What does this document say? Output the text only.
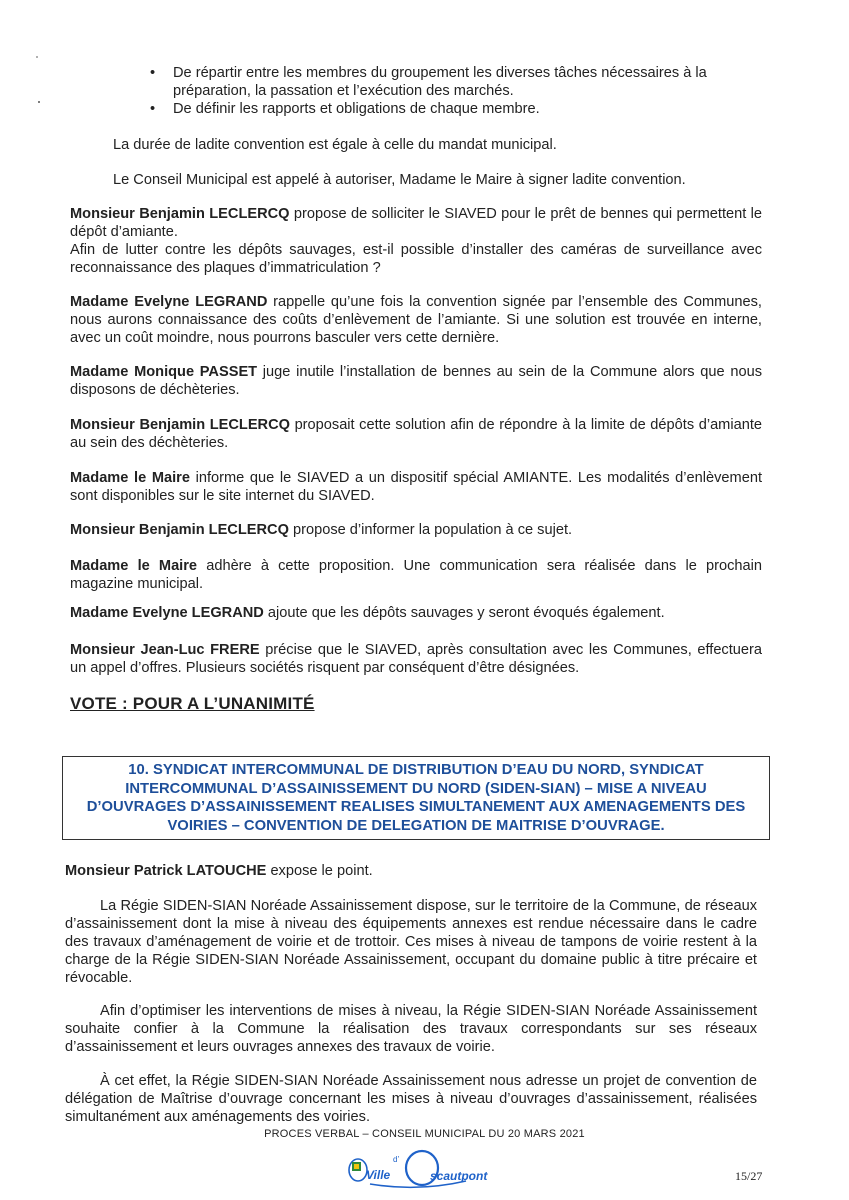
• De répartir entre les membres du groupement les diverses tâches nécessaires à la préparation, la passation et l’exécution des marchés.
• De définir les rapports et obligations de chaque membre.
La durée de ladite convention est égale à celle du mandat municipal.
Le Conseil Municipal est appelé à autoriser, Madame le Maire à signer ladite convention.
Monsieur Benjamin LECLERCQ propose de solliciter le SIAVED pour le prêt de bennes qui permettent le dépôt d’amiante.
Afin de lutter contre les dépôts sauvages, est-il possible d’installer des caméras de surveillance avec reconnaissance des plaques d’immatriculation ?
Madame Evelyne LEGRAND rappelle qu’une fois la convention signée par l’ensemble des Communes, nous aurons connaissance des coûts d’enlèvement de l’amiante. Si une solution est trouvée en interne, avec un coût moindre, nous pourrons basculer vers cette dernière.
Madame Monique PASSET juge inutile l’installation de bennes au sein de la Commune alors que nous disposons de déchèteries.
Monsieur Benjamin LECLERCQ proposait cette solution afin de répondre à la limite de dépôts d’amiante au sein des déchèteries.
Madame le Maire informe que le SIAVED a un dispositif spécial AMIANTE. Les modalités d’enlèvement sont disponibles sur le site internet du SIAVED.
Monsieur Benjamin LECLERCQ propose d’informer la population à ce sujet.
Madame le Maire adhère à cette proposition. Une communication sera réalisée dans le prochain magazine municipal.
Madame Evelyne LEGRAND ajoute que les dépôts sauvages y seront évoqués également.
Monsieur Jean-Luc FRERE précise que le SIAVED, après consultation avec les Communes, effectuera un appel d’offres. Plusieurs sociétés risquent par conséquent d’être désignées.
VOTE : POUR A L’UNANIMITÉ
10. SYNDICAT INTERCOMMUNAL DE DISTRIBUTION D’EAU DU NORD, SYNDICAT
INTERCOMMUNAL D’ASSAINISSEMENT DU NORD (SIDEN-SIAN) – MISE A NIVEAU
D’OUVRAGES D’ASSAINISSEMENT REALISES SIMULTANEMENT AUX AMENAGEMENTS DES
VOIRIES – CONVENTION DE DELEGATION DE MAITRISE D’OUVRAGE.
Monsieur Patrick LATOUCHE expose le point.
La Régie SIDEN-SIAN Noréade Assainissement dispose, sur le territoire de la Commune, de réseaux d’assainissement dont la mise à niveau des équipements annexes est rendue nécessaire dans le cadre des travaux d’aménagement de voirie et de trottoir. Ces mises à niveau de tampons de voirie restent à la charge de la Régie SIDEN-SIAN Noréade Assainissement, occupant du domaine public à titre précaire et révocable.
Afin d’optimiser les interventions de mises à niveau, la Régie SIDEN-SIAN Noréade Assainissement souhaite confier à la Commune la réalisation des travaux correspondants sur ses réseaux d’assainissement et leurs ouvrages annexes des travaux de voirie.
À cet effet, la Régie SIDEN-SIAN Noréade Assainissement nous adresse un projet de convention de délégation de Maîtrise d’ouvrage concernant les mises à niveau d’ouvrages d’assainissement, réalisées simultanément aux aménagements des voiries.
PROCES VERBAL – CONSEIL MUNICIPAL DU 20 MARS 2021
Ville
d’
scautpont	15/27
